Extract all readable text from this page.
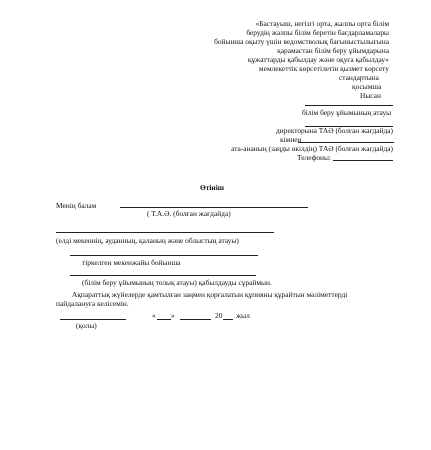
«Бастауыш, негізгі орта, жалпы орта білім
берудің жалпы білім беретін бағдарламалары
бойынша оқыту үшін ведомстволық бағыныстылығына
қарамастан білім беру ұйымдарына
құжаттарды қабылдау және оқуға қабылдау»
мемлекеттік көрсетілетін қызмет көрсету
стандартына
қосымша
Нысан
білім беру ұйымының атауы
директорына ТАӘ (болған жағдайда)
кімнен
ата-ананың (заңды өкілдің) ТАӘ (болған жағдайда)
Телефоны:
Өтініш
Менің балам
( Т.А.Ә. (болған жағдайда)
(елді мекеннің, ауданның, қаланың және облыстың атауы)
тіркелген мекенжайы бойынша
(білім беру ұйымының толық атауы) қабылдауды сұраймын.
Ақпараттық жүйелерде қамтылған заңмен қорғалатын құпияны құрайтын мәліметтерді
пайдалануға келісемін.
« »	20 жыл
(қолы)
